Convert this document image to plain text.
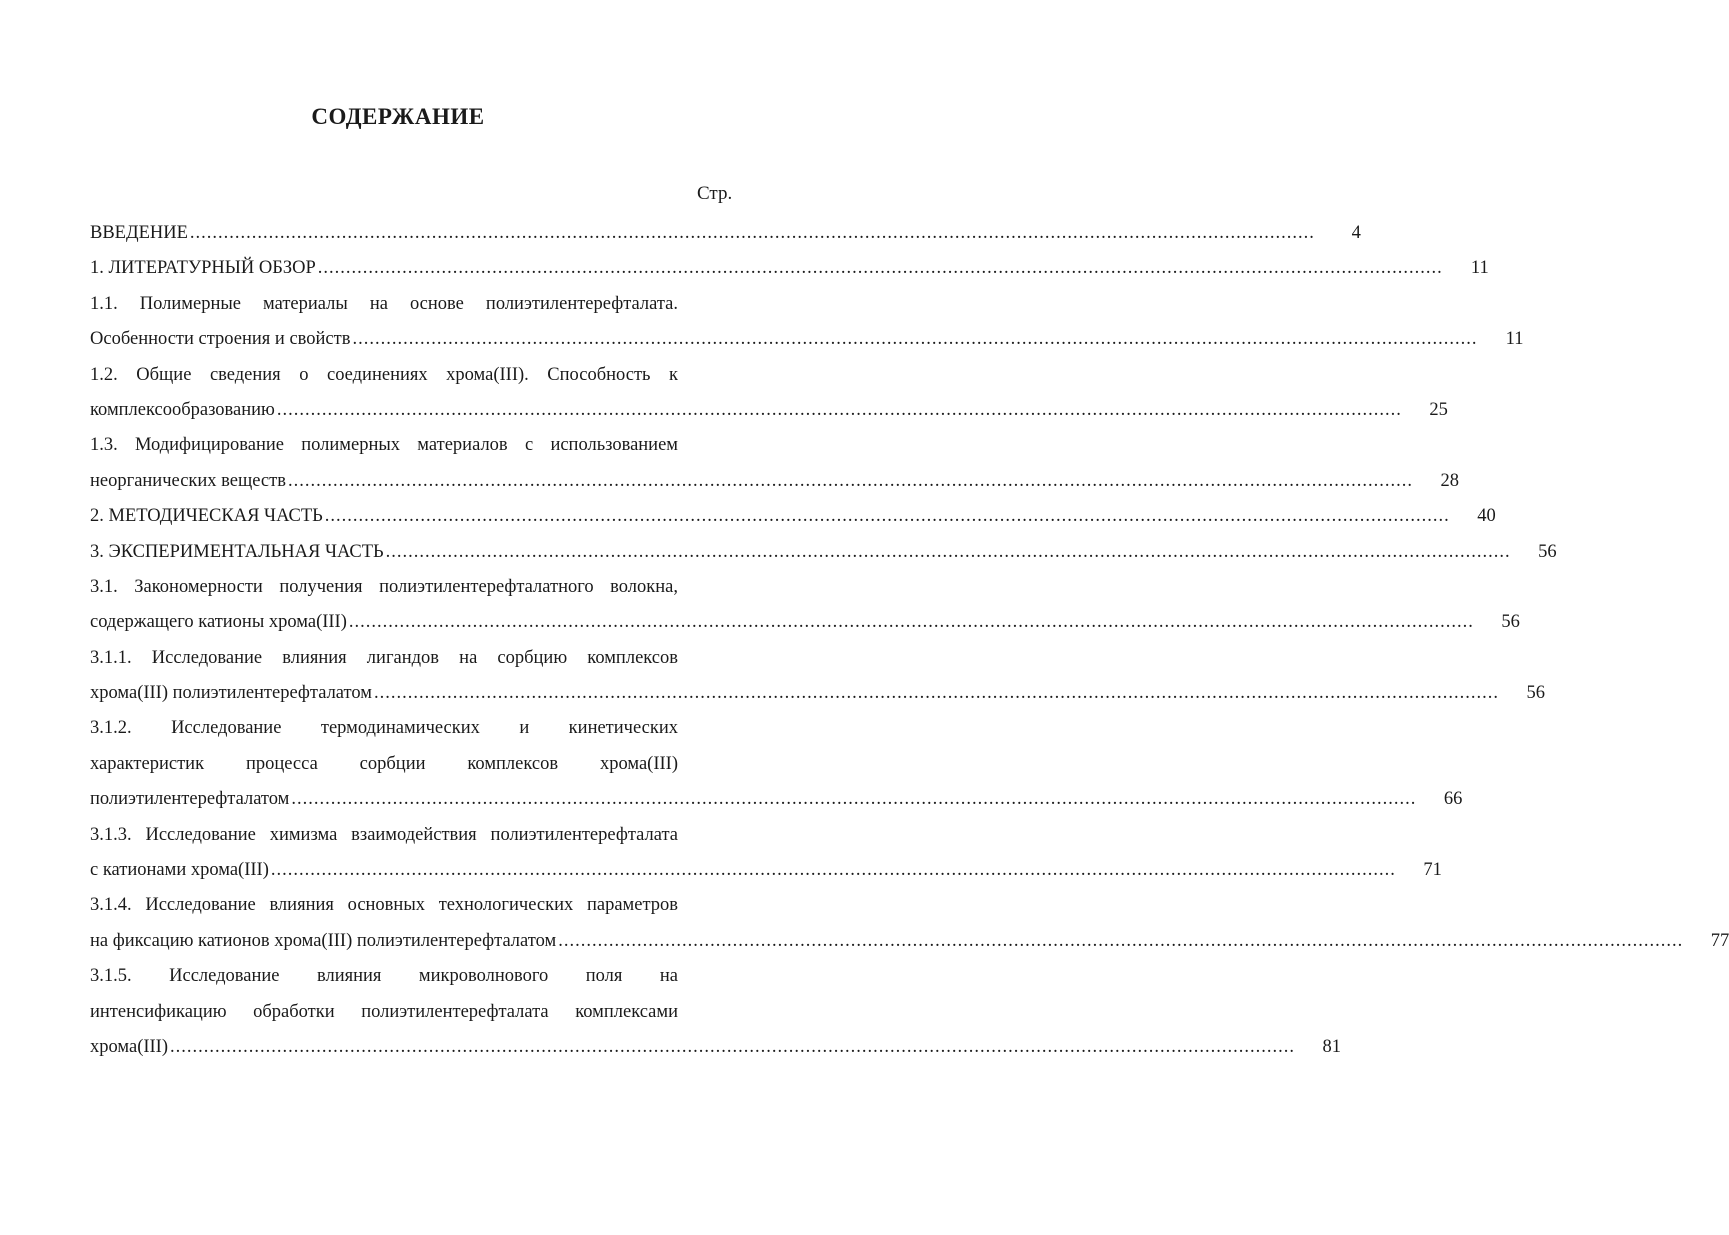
СОДЕРЖАНИЕ
Стр.
ВВЕДЕНИЕ ........................................................................................................................................................................................................	4
1. ЛИТЕРАТУРНЫЙ ОБЗОР ........................................................................................................................................................................................................	11
1.1. Полимерные материалы на основе полиэтилентерефталата.
Особенности строения и свойств ........................................................................................................................................................................................................	11
1.2. Общие сведения о соединениях хрома(III). Способность к
комплексообразованию ........................................................................................................................................................................................................	25
1.3. Модифицирование полимерных материалов с использованием
неорганических веществ ........................................................................................................................................................................................................	28
2. МЕТОДИЧЕСКАЯ ЧАСТЬ ........................................................................................................................................................................................................	40
3. ЭКСПЕРИМЕНТАЛЬНАЯ ЧАСТЬ ........................................................................................................................................................................................................	56
3.1. Закономерности получения полиэтилентерефталатного волокна,
содержащего катионы хрома(III) ........................................................................................................................................................................................................	56
3.1.1. Исследование влияния лигандов на сорбцию комплексов
хрома(III) полиэтилентерефталатом ........................................................................................................................................................................................................	56
3.1.2. Исследование термодинамических и кинетических
характеристик процесса сорбции комплексов хрома(III)
полиэтилентерефталатом ........................................................................................................................................................................................................	66
3.1.3. Исследование химизма взаимодействия полиэтилентерефталата
с катионами хрома(III) ........................................................................................................................................................................................................	71
3.1.4. Исследование влияния основных технологических параметров
на фиксацию катионов хрома(III) полиэтилентерефталатом ........................................................................................................................................................................................................	77
3.1.5. Исследование влияния микроволнового поля на
интенсификацию обработки полиэтилентерефталата комплексами
хрома(III) ........................................................................................................................................................................................................	81
